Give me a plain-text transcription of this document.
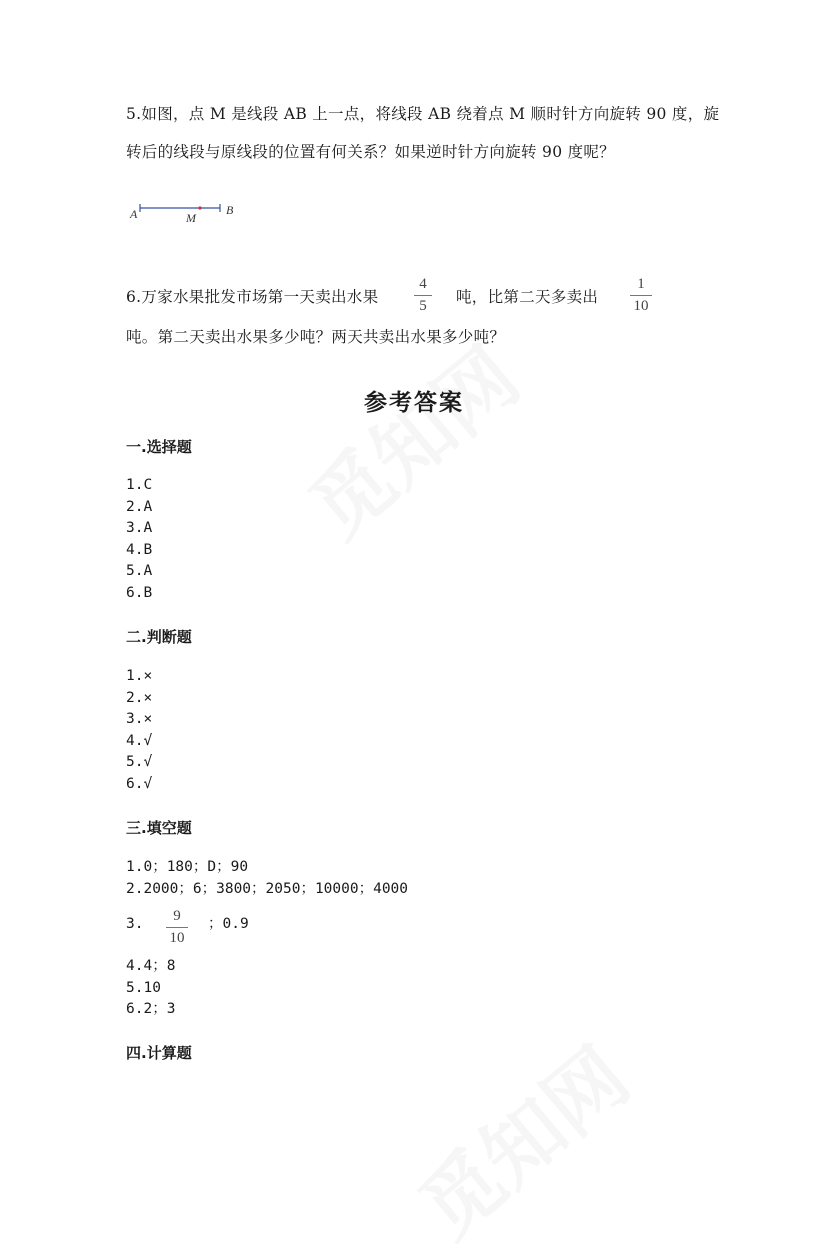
5.如图，点 M 是线段 AB 上一点，将线段 AB 绕着点 M 顺时针方向旋转 90 度，旋
转后的线段与原线段的位置有何关系？如果逆时针方向旋转 90 度呢？
A	M
B
6.万家水果批发市场第一天卖出水果
4
5	吨，比第二天多卖出
1
10
吨。第二天卖出水果多少吨？两天共卖出水果多少吨？
参考答案
一.选择题
1.C
2.A
3.A
4.B
5.A
6.B
二.判断题
1.×
2.×
3.×
4.√
5.√
6.√
三.填空题
1.0；180；D；90
2.2000；6；3800；2050；10000；4000
3.	9
10
；0.9
4.4；8
5.10
6.2；3
四.计算题
